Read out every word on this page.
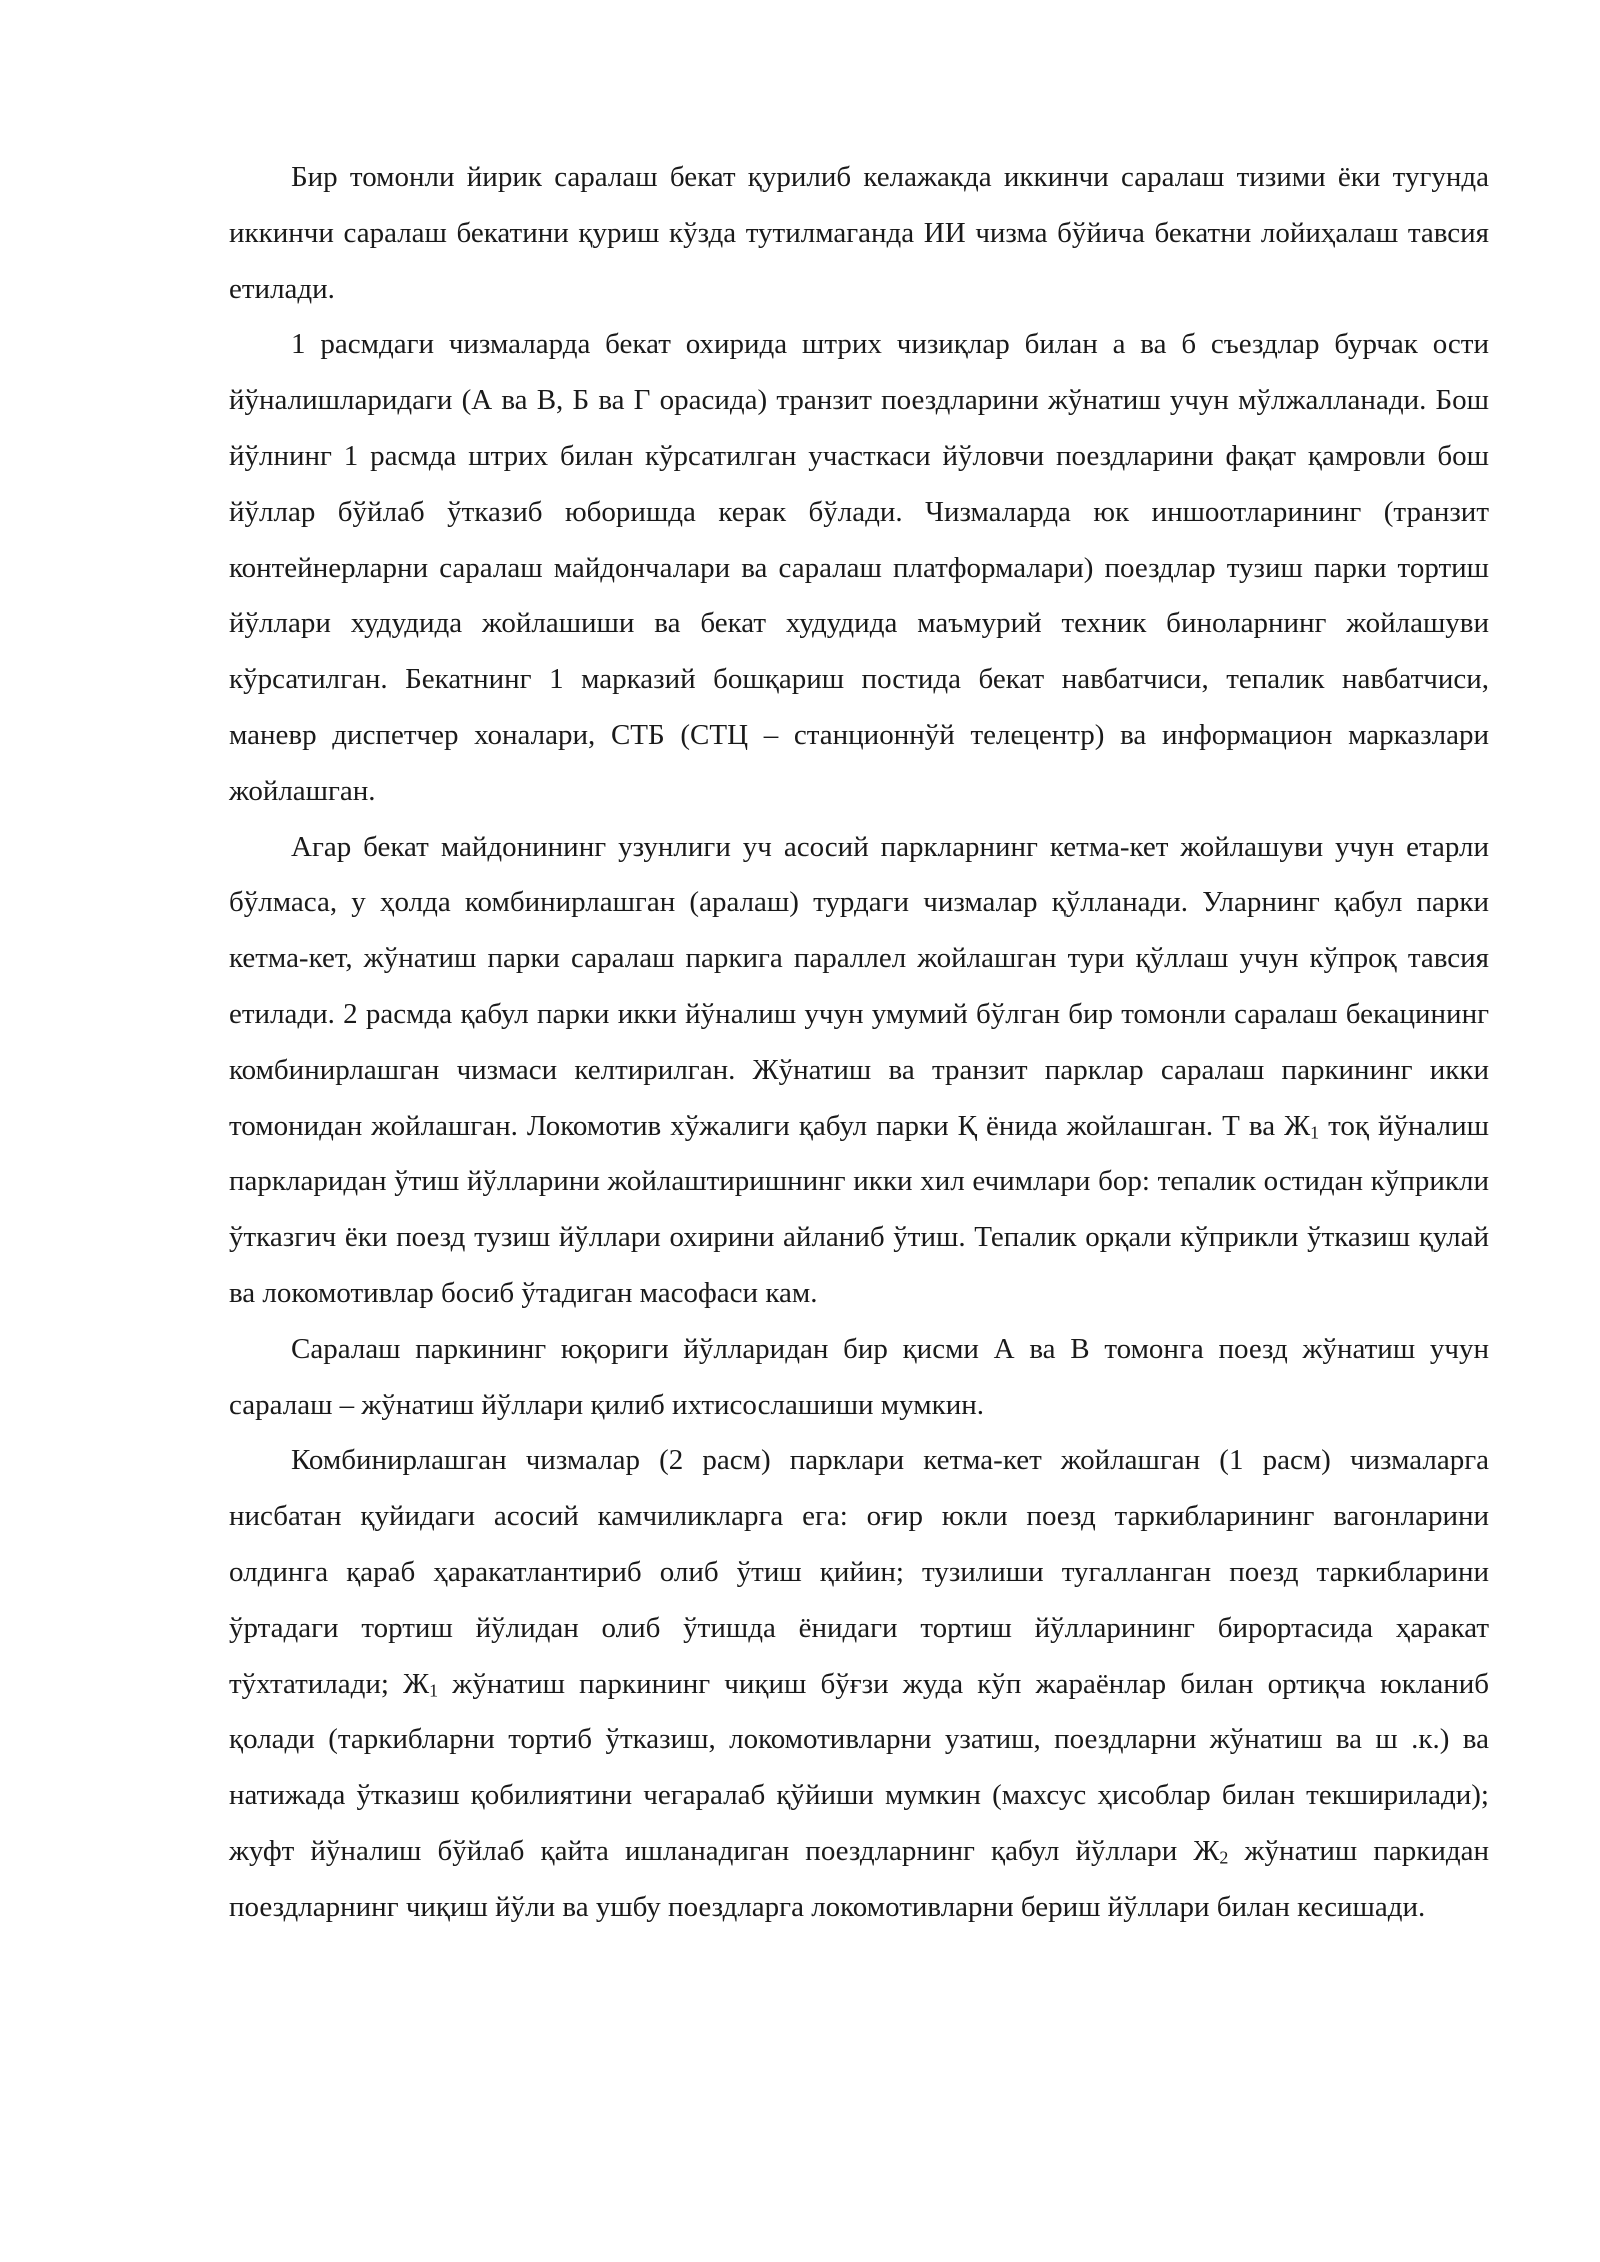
Бир томонли йирик саралаш бекат қурилиб келажакда иккинчи саралаш тизими ёки тугунда иккинчи саралаш бекатини қуриш кўзда тутилмаганда ИИ чизма бўйича бекатни лойиҳалаш тавсия етилади.

1 расмдаги чизмаларда бекат охирида штрих чизиқлар билан а ва б съездлар бурчак ости йўналишларидаги (А ва В, Б ва Г орасида) транзит поездларини жўнатиш учун мўлжалланади. Бош йўлнинг 1 расмда штрих билан кўрсатилган участкаси йўловчи поездларини фақат қамровли бош йўллар бўйлаб ўтказиб юборишда керак бўлади. Чизмаларда юк иншоотларининг (транзит контейнерларни саралаш майдончалари ва саралаш платформалари) поездлар тузиш парки тортиш йўллари худудида жойлашиши ва бекат худудида маъмурий техник биноларнинг жойлашуви кўрсатилган. Бекатнинг 1 марказий бошқариш постида бекат навбатчиси, тепалик навбатчиси, маневр диспетчер хоналари, СТБ (СТЦ – станционнўй телецентр) ва информацион марказлари жойлашган.

Агар бекат майдонининг узунлиги уч асосий паркларнинг кетма-кет жойлашуви учун етарли бўлмаса, у ҳолда комбинирлашган (аралаш) турдаги чизмалар қўлланади. Уларнинг қабул парки кетма-кет, жўнатиш парки саралаш паркига параллел жойлашган тури қўллаш учун кўпроқ тавсия етилади. 2 расмда қабул парки икки йўналиш учун умумий бўлган бир томонли саралаш бекацининг комбинирлашган чизмаси келтирилган. Жўнатиш ва транзит парклар саралаш паркининг икки томонидан жойлашган. Локомотив хўжалиги қабул парки Қ ёнида жойлашган. Т ва $Ж_1$ тоқ йўналиш паркларидан ўтиш йўлларини жойлаштиришнинг икки хил ечимлари бор: тепалик остидан кўприкли ўтказгич ёки поезд тузиш йўллари охирини айланиб ўтиш. Тепалик орқали кўприкли ўтказиш қулай ва локомотивлар босиб ўтадиган масофаси кам.

Саралаш паркининг юқориги йўлларидан бир қисми А ва В томонга поезд жўнатиш учун саралаш – жўнатиш йўллари қилиб ихтисослашиши мумкин.

Комбинирлашган чизмалар (2 расм) парклари кетма-кет жойлашган (1 расм) чизмаларга нисбатан қуйидаги асосий камчиликларга ега: оғир юкли поезд таркибларининг вагонларини олдинга қараб ҳаракатлантириб олиб ўтиш қийин; тузилиши тугалланган поезд таркибларини ўртадаги тортиш йўлидан олиб ўтишда ёнидаги тортиш йўлларининг бирортасида ҳаракат тўхтатилади; $Ж_1$ жўнатиш паркининг чиқиш бўғзи жуда кўп жараёнлар билан ортиқча юкланиб қолади (таркибларни тортиб ўтказиш, локомотивларни узатиш, поездларни жўнатиш ва ш .к.) ва натижада ўтказиш қобилиятини чегаралаб қўйиши мумкин (махсус ҳисоблар билан текширилади); жуфт йўналиш бўйлаб қайта ишланадиган поездларнинг қабул йўллари $Ж_2$ жўнатиш паркидан поездларнинг чиқиш йўли ва ушбу поездларга локомотивларни бериш йўллари билан кесишади.
